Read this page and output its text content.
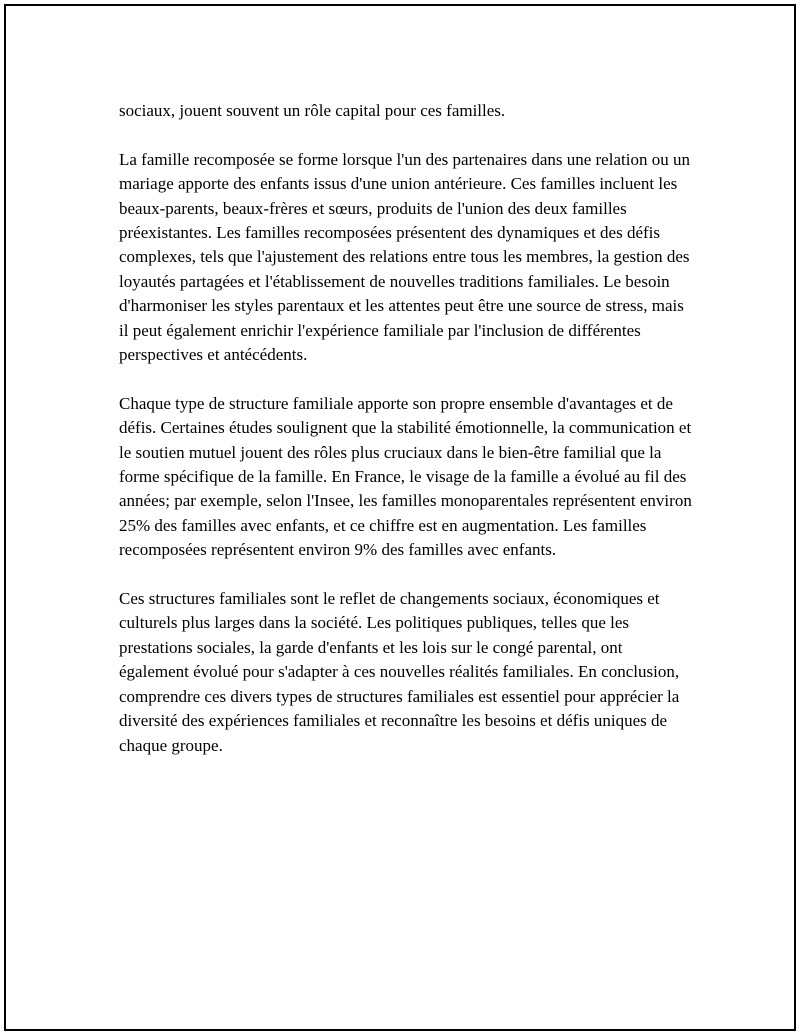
sociaux, jouent souvent un rôle capital pour ces familles.

La famille recomposée se forme lorsque l'un des partenaires dans une relation ou un mariage apporte des enfants issus d'une union antérieure. Ces familles incluent les beaux-parents, beaux-frères et sœurs, produits de l'union des deux familles préexistantes. Les familles recomposées présentent des dynamiques et des défis complexes, tels que l'ajustement des relations entre tous les membres, la gestion des loyautés partagées et l'établissement de nouvelles traditions familiales. Le besoin d'harmoniser les styles parentaux et les attentes peut être une source de stress, mais il peut également enrichir l'expérience familiale par l'inclusion de différentes perspectives et antécédents.

Chaque type de structure familiale apporte son propre ensemble d'avantages et de défis. Certaines études soulignent que la stabilité émotionnelle, la communication et le soutien mutuel jouent des rôles plus cruciaux dans le bien-être familial que la forme spécifique de la famille. En France, le visage de la famille a évolué au fil des années; par exemple, selon l'Insee, les familles monoparentales représentent environ 25% des familles avec enfants, et ce chiffre est en augmentation. Les familles recomposées représentent environ 9% des familles avec enfants.

Ces structures familiales sont le reflet de changements sociaux, économiques et culturels plus larges dans la société. Les politiques publiques, telles que les prestations sociales, la garde d'enfants et les lois sur le congé parental, ont également évolué pour s'adapter à ces nouvelles réalités familiales. En conclusion, comprendre ces divers types de structures familiales est essentiel pour apprécier la diversité des expériences familiales et reconnaître les besoins et défis uniques de chaque groupe.
